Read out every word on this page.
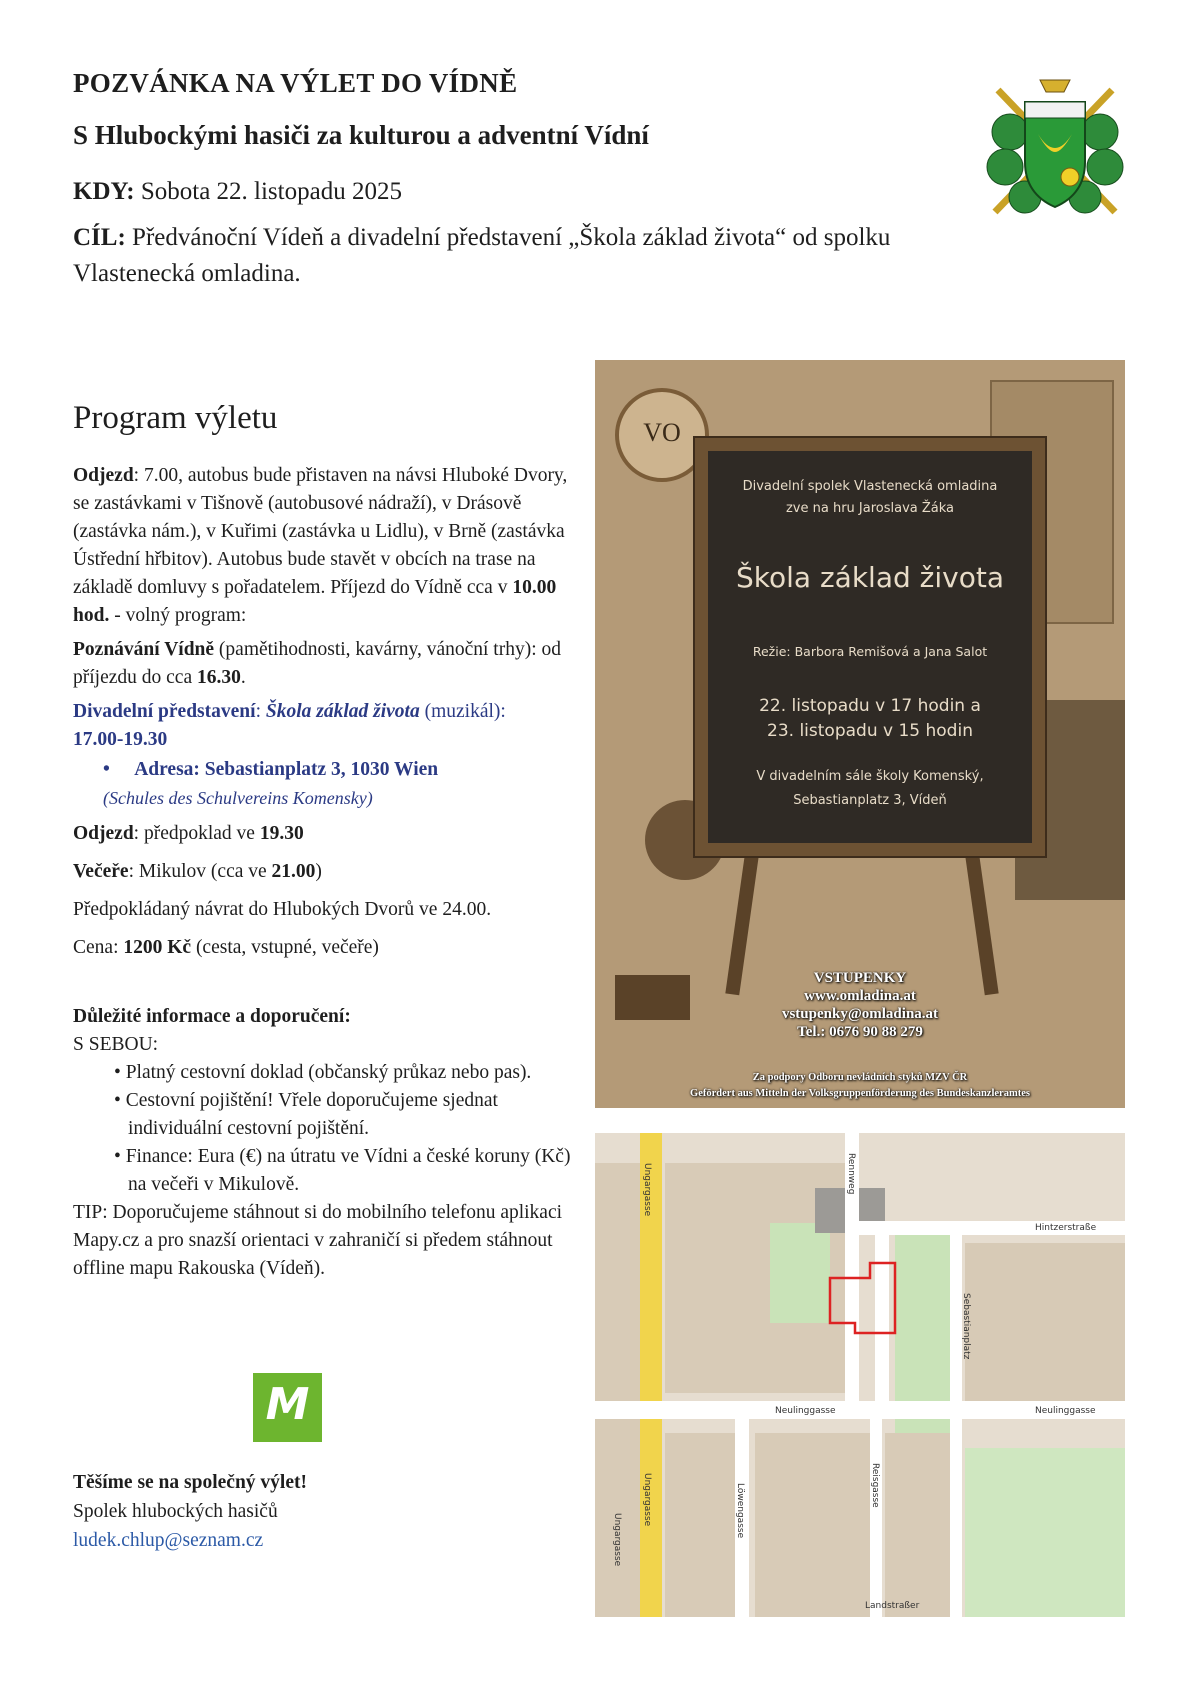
POZVÁNKA NA VÝLET DO VÍDNĚ
S Hlubockými hasiči za kulturou a adventní Vídní
KDY: Sobota 22. listopadu 2025
CÍL: Předvánoční Vídeň a divadelní představení „Škola základ života“ od spolku Vlastenecká omladina.
Program výletu

Odjezd: 7.00, autobus bude přistaven na návsi Hluboké Dvory, se zastávkami v Tišnově (autobusové nádraží), v Drásově (zastávka nám.), v Kuřimi (zastávka u Lidlu), v Brně (zastávka Ústřední hřbitov). Autobus bude stavět v obcích na trase na základě domluvy s pořadatelem. Příjezd do Vídně cca v 10.00 hod. - volný program:

Poznávání Vídně (pamětihodnosti, kavárny, vánoční trhy): od příjezdu do cca 16.30.

Divadelní představení: Škola základ života (muzikál):
17.00-19.30

•     Adresa: Sebastianplatz 3, 1030 Wien

(Schules des Schulvereins Komensky)

Odjezd: předpoklad ve 19.30

Večeře: Mikulov (cca ve 21.00)

Předpokládaný návrat do Hlubokých Dvorů ve 24.00.

Cena: 1200 Kč (cesta, vstupné, večeře)

Důležité informace a doporučení:

S SEBOU:

• Platný cestovní doklad (občanský průkaz nebo pas).

• Cestovní pojištění! Vřele doporučujeme sjednat individuální cestovní pojištění.

• Finance: Eura (€) na útratu ve Vídni a české koruny (Kč) na večeři v Mikulově.

TIP: Doporučujeme stáhnout si do mobilního telefonu aplikaci Mapy.cz a pro snazší orientaci v zahraničí si předem stáhnout offline mapu Rakouska (Vídeň).

M
Těšíme se na společný výlet!
Spolek hlubockých hasičů
ludek.chlup@seznam.cz
VO
Divadelní spolek Vlastenecká omladina
zve na hru Jaroslava Žáka
Škola základ života
Režie: Barbora Remišová a Jana Salot
22. listopadu v 17 hodin a
23. listopadu v 15 hodin
V divadelním sále školy Komenský,
Sebastianplatz 3, Vídeň
VSTUPENKY
www.omladina.at
vstupenky@omladina.at
Tel.: 0676 90 88 279
Za podpory Odboru nevládních styků MZV ČR
Gefördert aus Mitteln der Volksgruppenförderung des Bundeskanzleramtes
Ungargasse
Ungargasse
Hintzerstraße
Neulinggasse	Neulinggasse
Sebastianplatz
Rennweg
Reisgasse
Löwengasse
Ungargasse
Landstraßer
